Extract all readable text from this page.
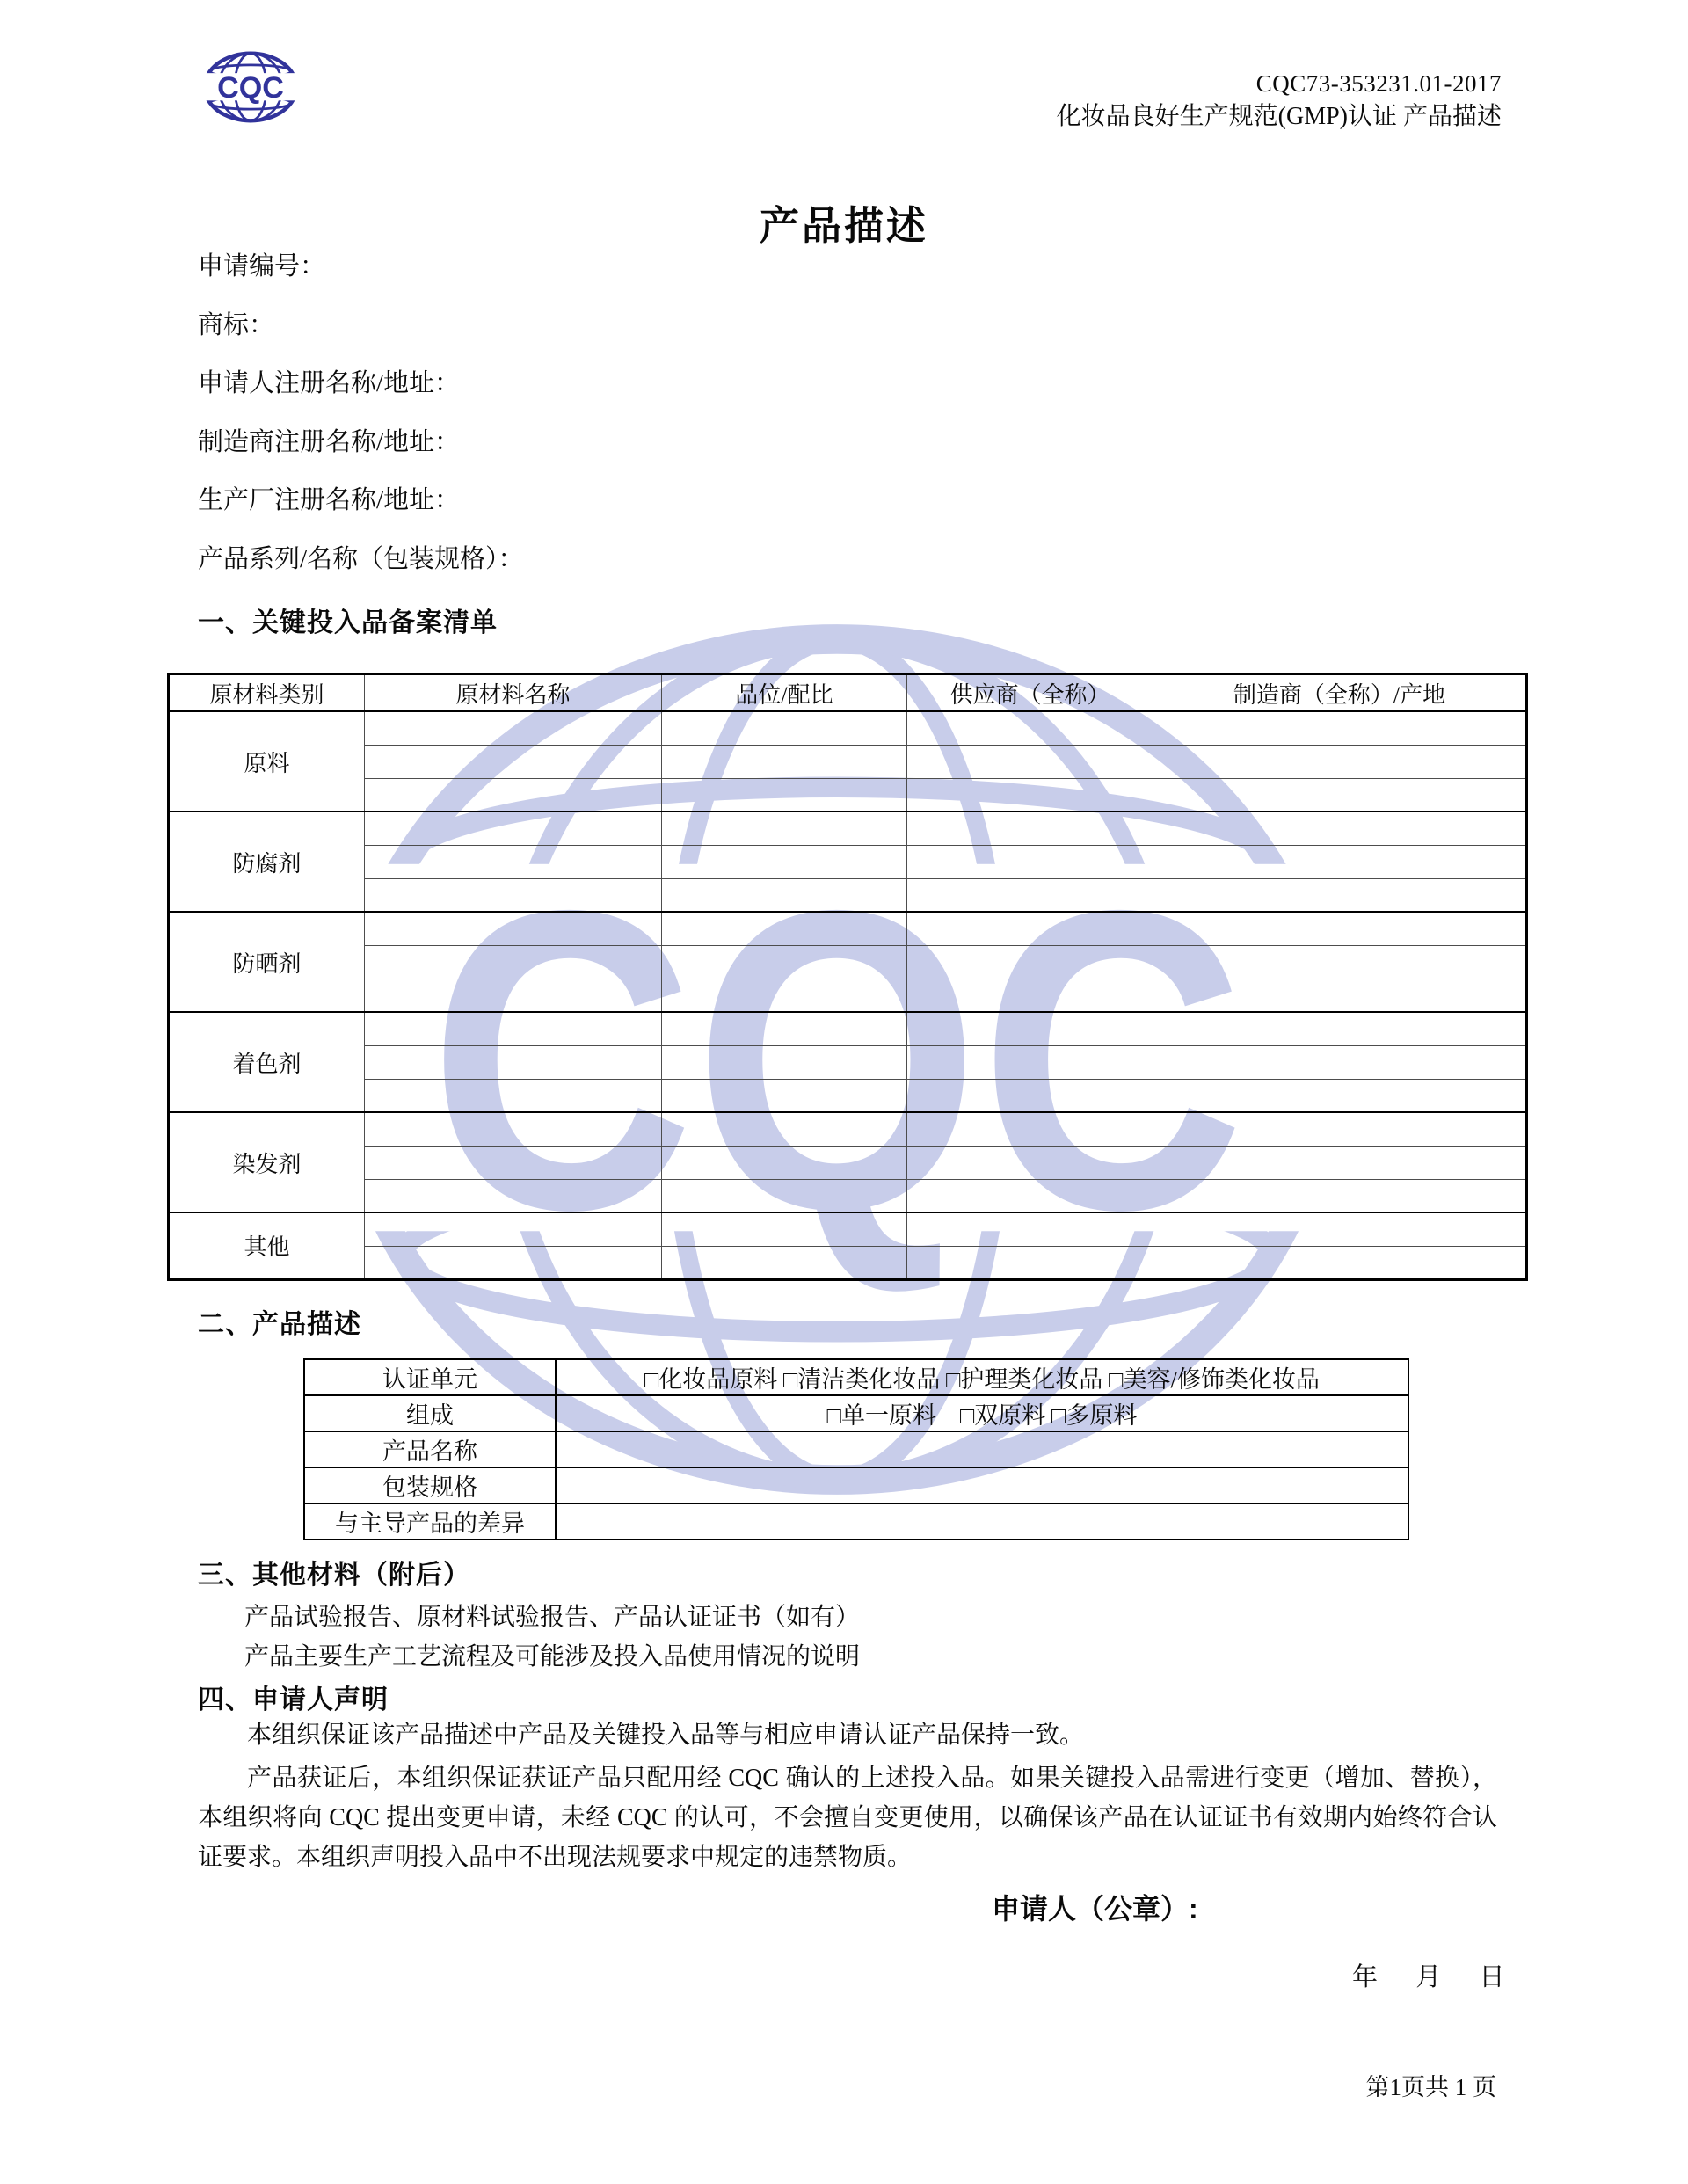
CQC
CQC	CQC73-353231.01-2017
化妆品良好生产规范(GMP)认证 产品描述
产品描述
申请编号：
商标：
申请人注册名称/地址：
制造商注册名称/地址：
生产厂注册名称/地址：
产品系列/名称（包装规格）：
一、关键投入品备案清单
原材料类别	原材料名称	品位/配比	供应商（全称）	制造商（全称）/产地
原料				

防腐剂				

防晒剂				

着色剂				

染发剂				

其他				

二、产品描述
认证单元	□化妆品原料 □清洁类化妆品 □护理类化妆品 □美容/修饰类化妆品
组成	□单一原料　□双原料 □多原料
产品名称	
包装规格	
与主导产品的差异	
三、其他材料（附后）
产品试验报告、原材料试验报告、产品认证证书（如有）
产品主要生产工艺流程及可能涉及投入品使用情况的说明
四、申请人声明

本组织保证该产品描述中产品及关键投入品等与相应申请认证产品保持一致。

产品获证后，本组织保证获证产品只配用经 CQC 确认的上述投入品。如果关键投入品需进行变更（增加、替换），本组织将向 CQC 提出变更申请，未经 CQC 的认可，不会擅自变更使用，以确保该产品在认证证书有效期内始终符合认证要求。本组织声明投入品中不出现法规要求中规定的违禁物质。

申请人（公章）:
年 月 日
第1页共 1 页
